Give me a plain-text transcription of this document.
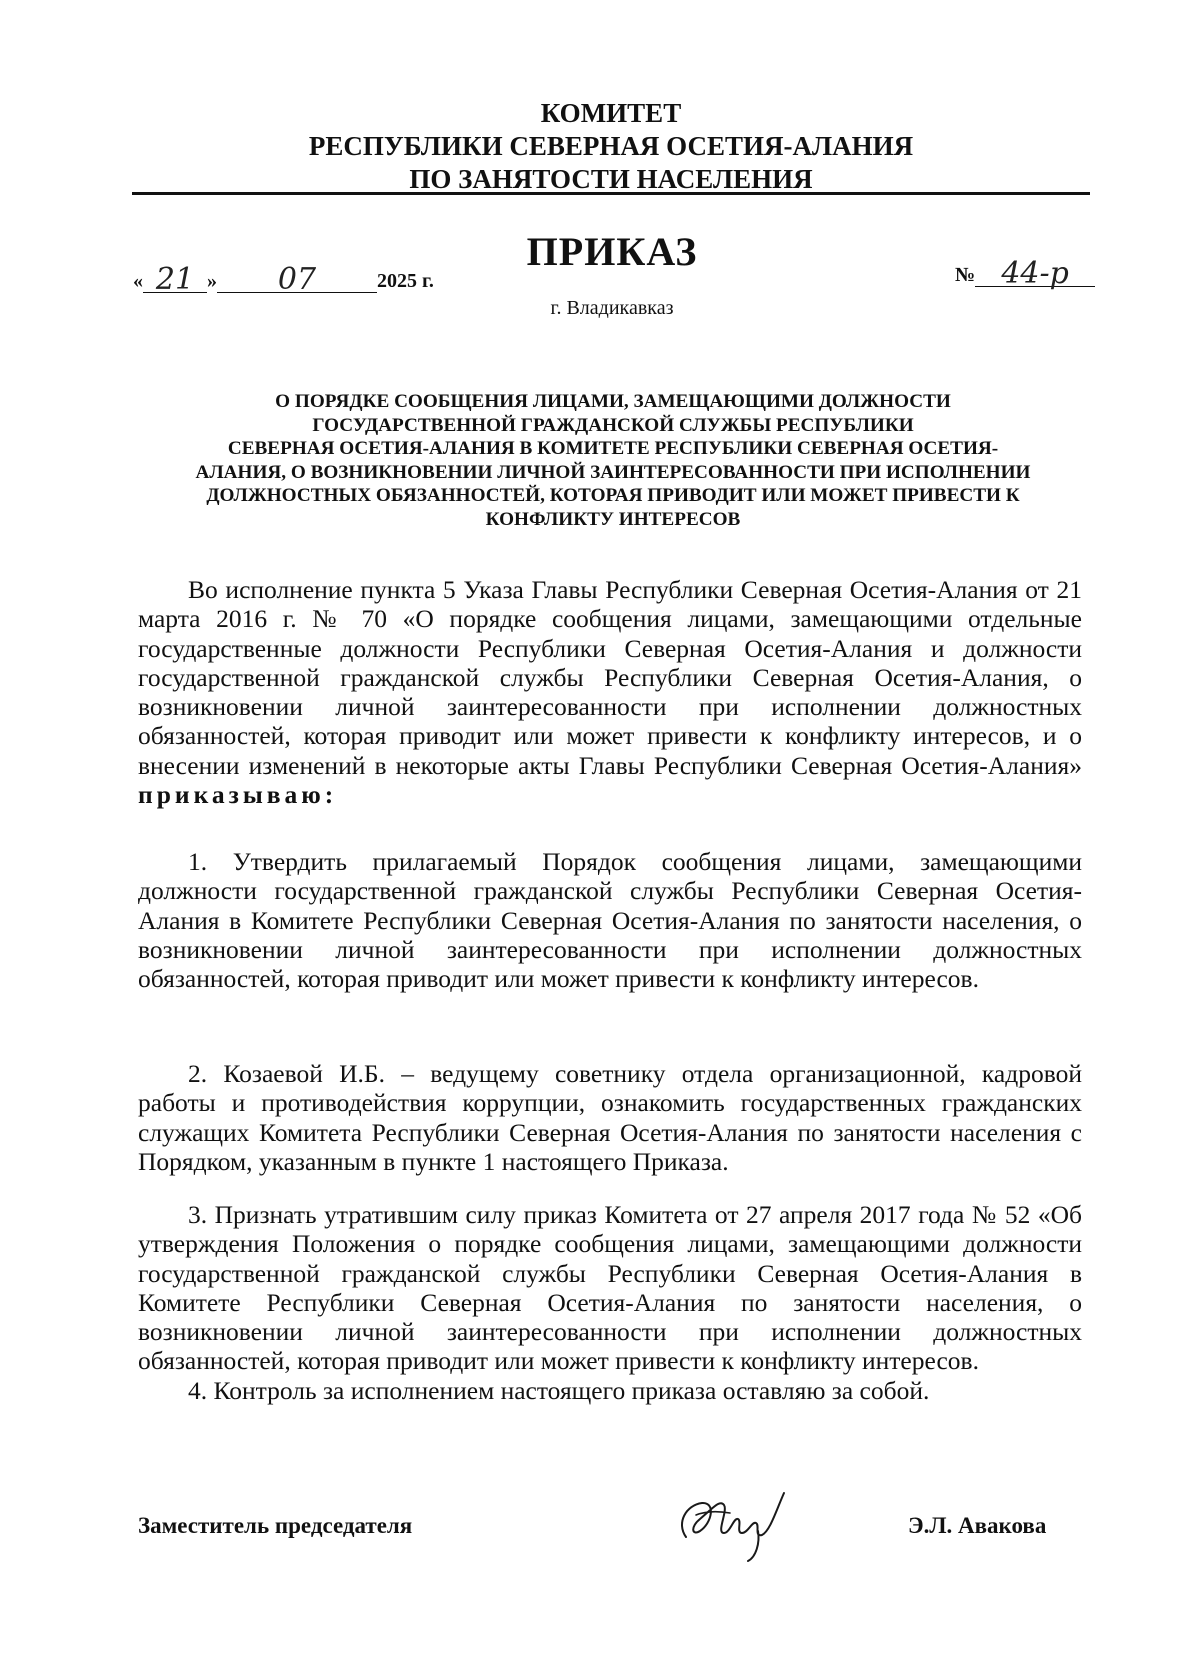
КОМИТЕТ
РЕСПУБЛИКИ СЕВЕРНАЯ ОСЕТИЯ-АЛАНИЯ
ПО ЗАНЯТОСТИ НАСЕЛЕНИЯ
ПРИКАЗ
г. Владикавказ
« 21 » 07	2025 г.	№ 44-р
О ПОРЯДКЕ СООБЩЕНИЯ ЛИЦАМИ, ЗАМЕЩАЮЩИМИ ДОЛЖНОСТИ
ГОСУДАРСТВЕННОЙ ГРАЖДАНСКОЙ СЛУЖБЫ РЕСПУБЛИКИ
СЕВЕРНАЯ ОСЕТИЯ-АЛАНИЯ В КОМИТЕТЕ РЕСПУБЛИКИ СЕВЕРНАЯ ОСЕТИЯ-
АЛАНИЯ, О ВОЗНИКНОВЕНИИ ЛИЧНОЙ ЗАИНТЕРЕСОВАННОСТИ ПРИ ИСПОЛНЕНИИ
ДОЛЖНОСТНЫХ ОБЯЗАННОСТЕЙ, КОТОРАЯ ПРИВОДИТ ИЛИ МОЖЕТ ПРИВЕСТИ К
КОНФЛИКТУ ИНТЕРЕСОВ

Во исполнение пункта 5 Указа Главы Республики Северная Осетия-Алания от 21 марта 2016 г. № 70 «О порядке сообщения лицами, замещающими отдельные государственные должности Республики Северная Осетия-Алания и должности государственной гражданской службы Республики Северная Осетия-Алания, о возникновении личной заинтересованности при исполнении должностных обязанностей, которая приводит или может привести к конфликту интересов, и о внесении изменений в некоторые акты Главы Республики Северная Осетия-Алания» приказываю:

1. Утвердить прилагаемый Порядок сообщения лицами, замещающими должности государственной гражданской службы Республики Северная Осетия-Алания в Комитете Республики Северная Осетия-Алания по занятости населения, о возникновении личной заинтересованности при исполнении должностных обязанностей, которая приводит или может привести к конфликту интересов.

2. Козаевой И.Б. – ведущему советнику отдела организационной, кадровой работы и противодействия коррупции, ознакомить государственных гражданских служащих Комитета Республики Северная Осетия-Алания по занятости населения с Порядком, указанным в пункте 1 настоящего Приказа.

3. Признать утратившим силу приказ Комитета от 27 апреля 2017 года № 52 «Об утверждения Положения о порядке сообщения лицами, замещающими должности государственной гражданской службы Республики Северная Осетия-Алания в Комитете Республики Северная Осетия-Алания по занятости населения, о возникновении личной заинтересованности при исполнении должностных обязанностей, которая приводит или может привести к конфликту интересов.

4. Контроль за исполнением настоящего приказа оставляю за собой.

Заместитель председателя	Э.Л. Авакова
